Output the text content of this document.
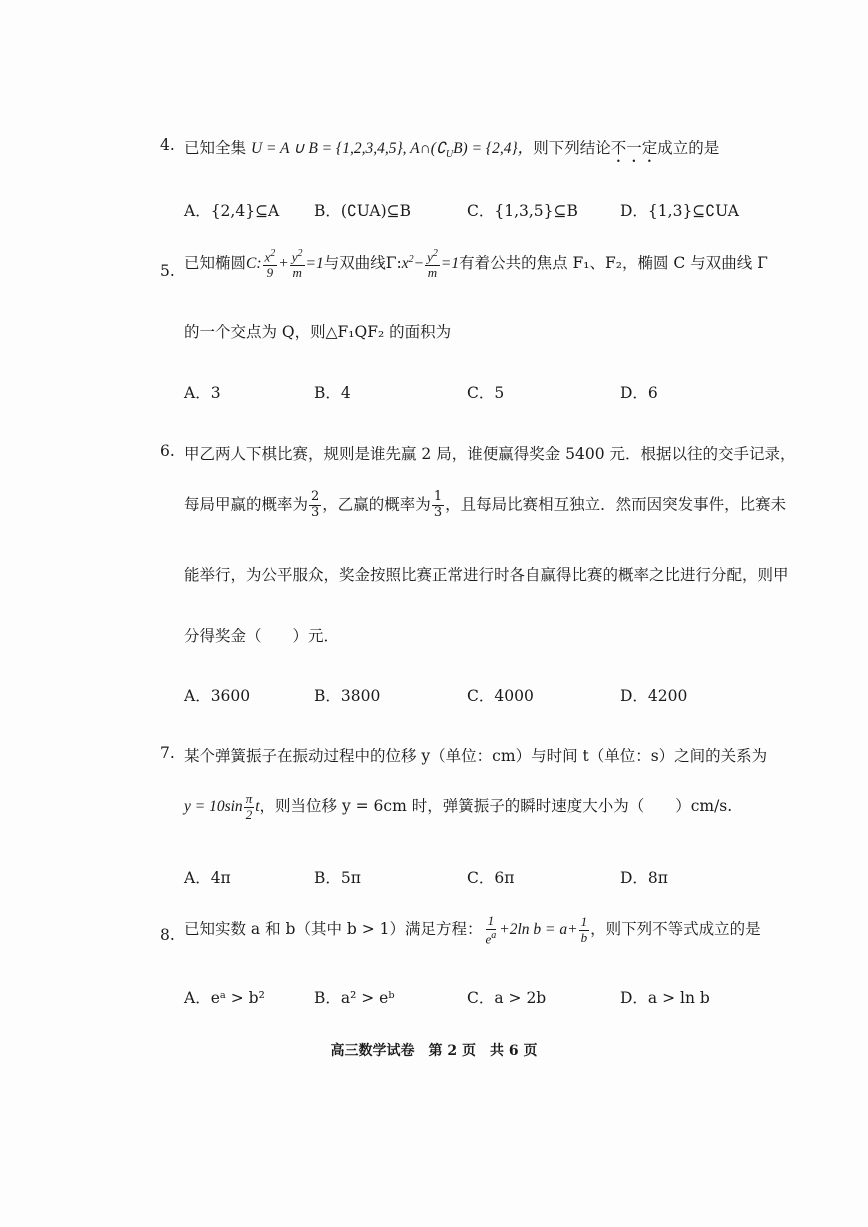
4. 已知全集 U = A ∪ B = {1,2,3,4,5}, $A\cap(∁_UB) = \{2,4\}$，则下列结论不一定成立的是
A．{2,4}⊆A B．(∁UA)⊆B	C．{1,3,5}⊆B	D．{1,3}⊆∁UA
5. 已知椭圆C: $\frac{x^2}{9} + \frac{y^2}{m} =1$与双曲线$\Gamma:x^2- \frac{y^2}{m} =1$有着公共的焦点 F₁、F₂，椭圆 C 与双曲线 Γ
的一个交点为 Q，则△F₁QF₂ 的面积为
A．3	B．4	C．5	D．6
6. 甲乙两人下棋比赛，规则是谁先赢 2 局，谁便赢得奖金 5400 元．根据以往的交手记录，
每局甲赢的概率为 $\frac{2}{3}$ ，乙赢的概率为 $\frac{1}{3}$ ，且每局比赛相互独立．然而因突发事件，比赛未
能举行，为公平服众，奖金按照比赛正常进行时各自赢得比赛的概率之比进行分配，则甲
分得奖金（　　）元．
A．3600	B．3800	C．4000	D．4200
7. 某个弹簧振子在振动过程中的位移 y（单位：cm）与时间 t（单位：s）之间的关系为
$y = 10\sin \frac{\pi}{2}$ t，则当位移 y = 6cm 时，弹簧振子的瞬时速度大小为（　　）cm/s.
A．4π	B．5π	C．6π	D．8π
8. 已知实数 a 和 b（其中 b > 1）满足方程： $\frac{1}{e^a} +2\ln$ $b = a+ \frac{1}{b}$ ，则下列不等式成立的是
A．eᵃ > b²	B．a² > eᵇ	C．a > 2b	D．a > ln b
高三数学试卷　第 2 页　共 6 页
